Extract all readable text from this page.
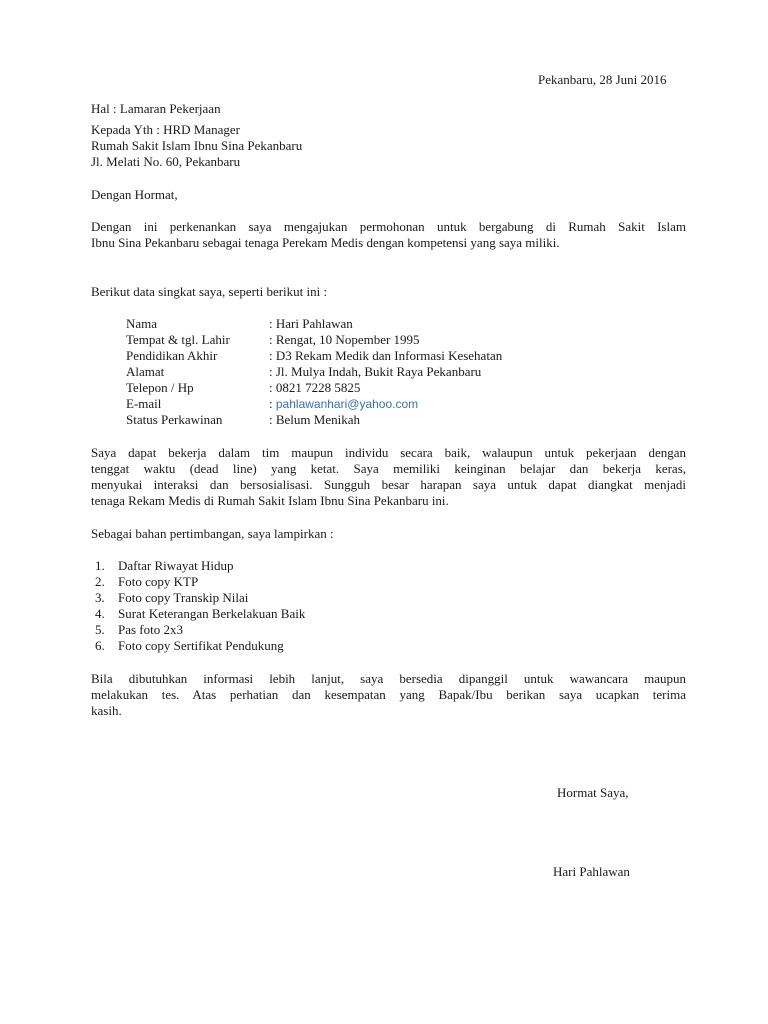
Pekanbaru, 28 Juni 2016
Hal : Lamaran Pekerjaan
Kepada Yth : HRD Manager
Rumah Sakit Islam Ibnu Sina Pekanbaru
Jl. Melati No. 60, Pekanbaru
Dengan Hormat,
Dengan ini perkenankan saya mengajukan permohonan untuk bergabung di Rumah Sakit Islam
Ibnu Sina Pekanbaru sebagai tenaga Perekam Medis dengan kompetensi yang saya miliki.
Berikut data singkat saya, seperti berikut ini :
Nama	: Hari Pahlawan
Tempat & tgl. Lahir	: Rengat, 10 Nopember 1995
Pendidikan Akhir	: D3 Rekam Medik dan Informasi Kesehatan
Alamat	: Jl. Mulya Indah, Bukit Raya Pekanbaru
Telepon / Hp	: 0821 7228 5825
E-mail	: pahlawanhari@yahoo.com
Status Perkawinan	: Belum Menikah
Saya dapat bekerja dalam tim maupun individu secara baik, walaupun untuk pekerjaan dengan
tenggat waktu (dead line) yang ketat. Saya memiliki keinginan belajar dan bekerja keras,
menyukai interaksi dan bersosialisasi. Sungguh besar harapan saya untuk dapat diangkat menjadi
tenaga Rekam Medis di Rumah Sakit Islam Ibnu Sina Pekanbaru ini.
Sebagai bahan pertimbangan, saya lampirkan :
1. Daftar Riwayat Hidup
2. Foto copy KTP
3. Foto copy Transkip Nilai
4. Surat Keterangan Berkelakuan Baik
5. Pas foto 2x3
6. Foto copy Sertifikat Pendukung
Bila dibutuhkan informasi lebih lanjut, saya bersedia dipanggil untuk wawancara maupun
melakukan tes. Atas perhatian dan kesempatan yang Bapak/Ibu berikan saya ucapkan terima
kasih.
Hormat Saya,
Hari Pahlawan
